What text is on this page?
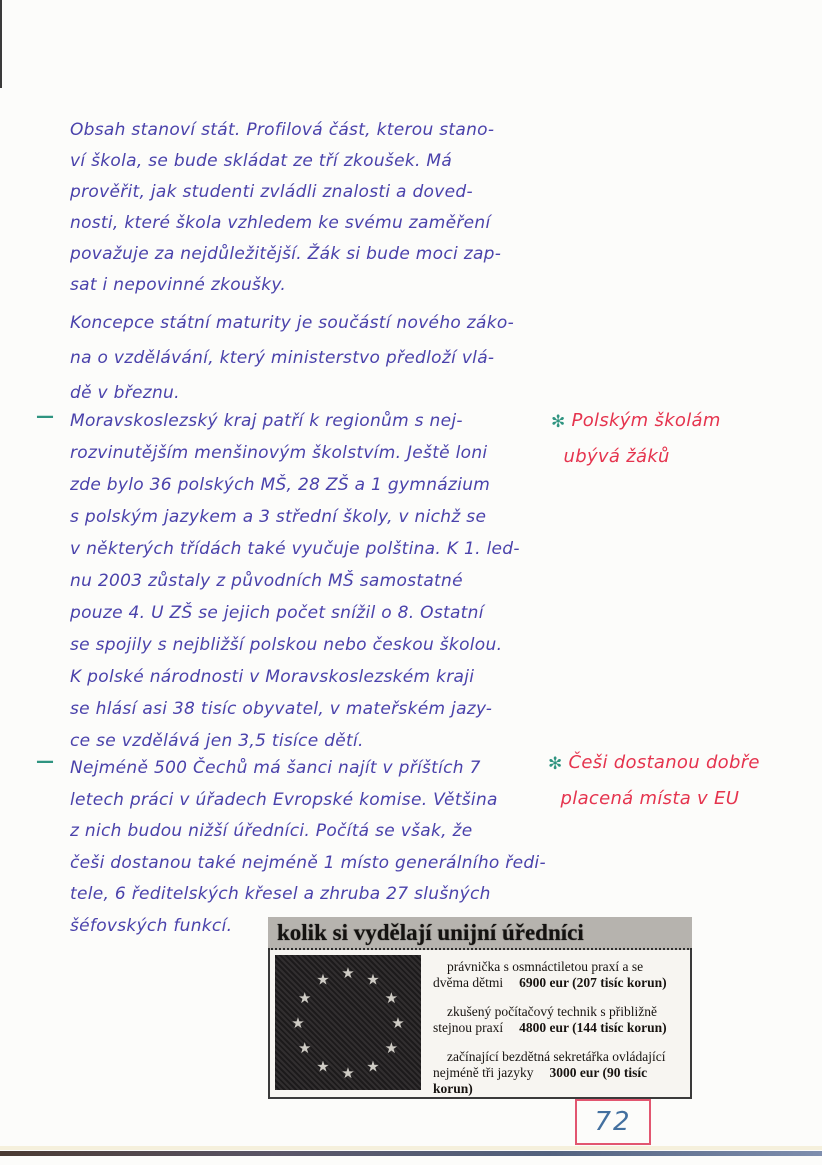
Obsah stanoví stát. Profilová část, kterou stano-
ví škola, se bude skládat ze tří zkoušek. Má
prověřit, jak studenti zvládli znalosti a doved-
nosti, které škola vzhledem ke svému zaměření
považuje za nejdůležitější. Žák si bude moci zap-
sat i nepovinné zkoušky.
Koncepce státní maturity je součástí nového záko-
na o vzdělávání, který ministerstvo předloží vlá-
dě v březnu.
— Moravskoslezský kraj patří k regionům s nej-
rozvinutějším menšinovým školstvím. Ještě loni
zde bylo 36 polských MŠ, 28 ZŠ a 1 gymnázium
s polským jazykem a 3 střední školy, v nichž se
v některých třídách také vyučuje polština. K 1. led-
nu 2003 zůstaly z původních MŠ samostatné
pouze 4. U ZŠ se jejich počet snížil o 8. Ostatní
se spojily s nejbližší polskou nebo českou školou.
K polské národnosti v Moravskoslezském kraji
se hlásí asi 38 tisíc obyvatel, v mateřském jazy-
ce se vzdělává jen 3,5 tisíce dětí.
— Nejméně 500 Čechů má šanci najít v příštích 7
letech práci v úřadech Evropské komise. Většina
z nich budou nižší úředníci. Počítá se však, že
češi dostanou také nejméně 1 místo generálního ředi-
tele, 6 ředitelských křesel a zhruba 27 slušných
šéfovských funkcí.
✻ Polským školám
ubývá žáků
✻ Češi dostanou dobře
placená místa v EU
kolik si vydělají unijní úředníci
★ ★
★
★
★
★
★
★
★
★
★
★

právnička s osmnáctiletou praxí a se dvěma dětmi 6900 eur (207 tisíc korun)

zkušený počítačový technik s přibližně stejnou praxí 4800 eur (144 tisíc korun)

začínající bezdětná sekretářka ovládající nejméně tři jazyky 3000 eur (90 tisíc korun)

72
